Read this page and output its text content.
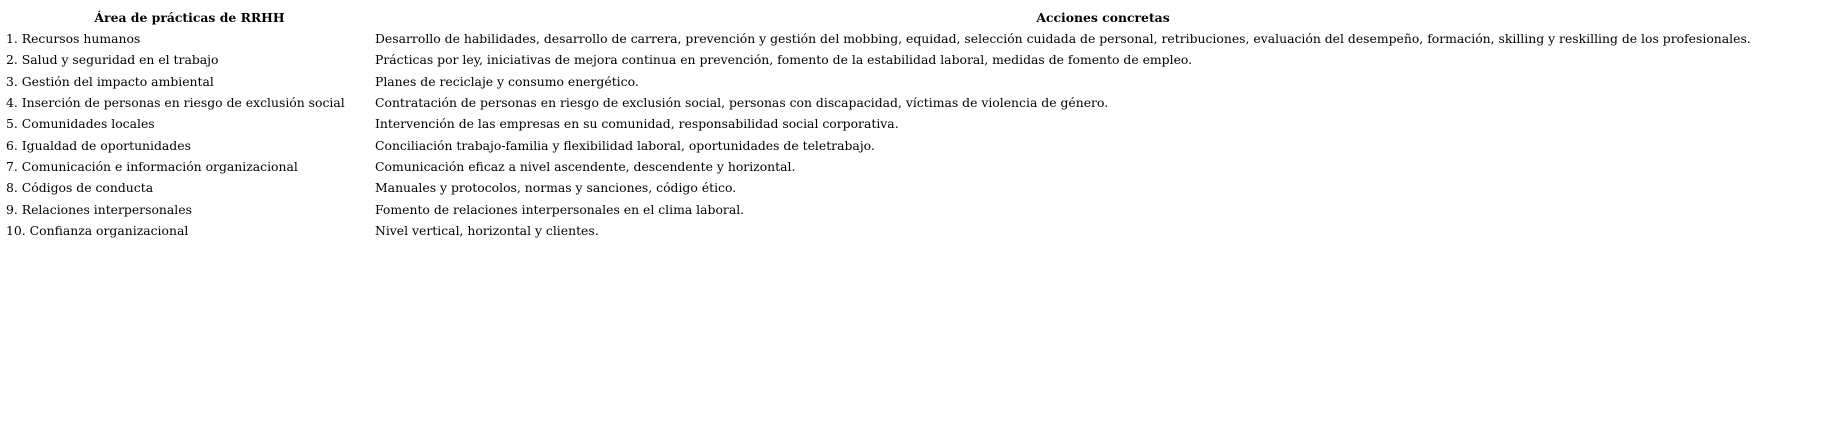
Área de prácticas de RRHH	Acciones concretas
1. Recursos humanos	Desarrollo de habilidades, desarrollo de carrera, prevención y gestión del mobbing, equidad, selección cuidada de personal, retribuciones, evaluación del desempeño, formación, skilling y reskilling de los profesionales.
2. Salud y seguridad en el trabajo	Prácticas por ley, iniciativas de mejora continua en prevención, fomento de la estabilidad laboral, medidas de fomento de empleo.
3. Gestión del impacto ambiental	Planes de reciclaje y consumo energético.
4. Inserción de personas en riesgo de exclusión social	Contratación de personas en riesgo de exclusión social, personas con discapacidad, víctimas de violencia de género.
5. Comunidades locales	Intervención de las empresas en su comunidad, responsabilidad social corporativa.
6. Igualdad de oportunidades	Conciliación trabajo-familia y flexibilidad laboral, oportunidades de teletrabajo.
7. Comunicación e información organizacional	Comunicación eficaz a nivel ascendente, descendente y horizontal.
8. Códigos de conducta	Manuales y protocolos, normas y sanciones, código ético.
9. Relaciones interpersonales	Fomento de relaciones interpersonales en el clima laboral.
10. Confianza organizacional	Nivel vertical, horizontal y clientes.
